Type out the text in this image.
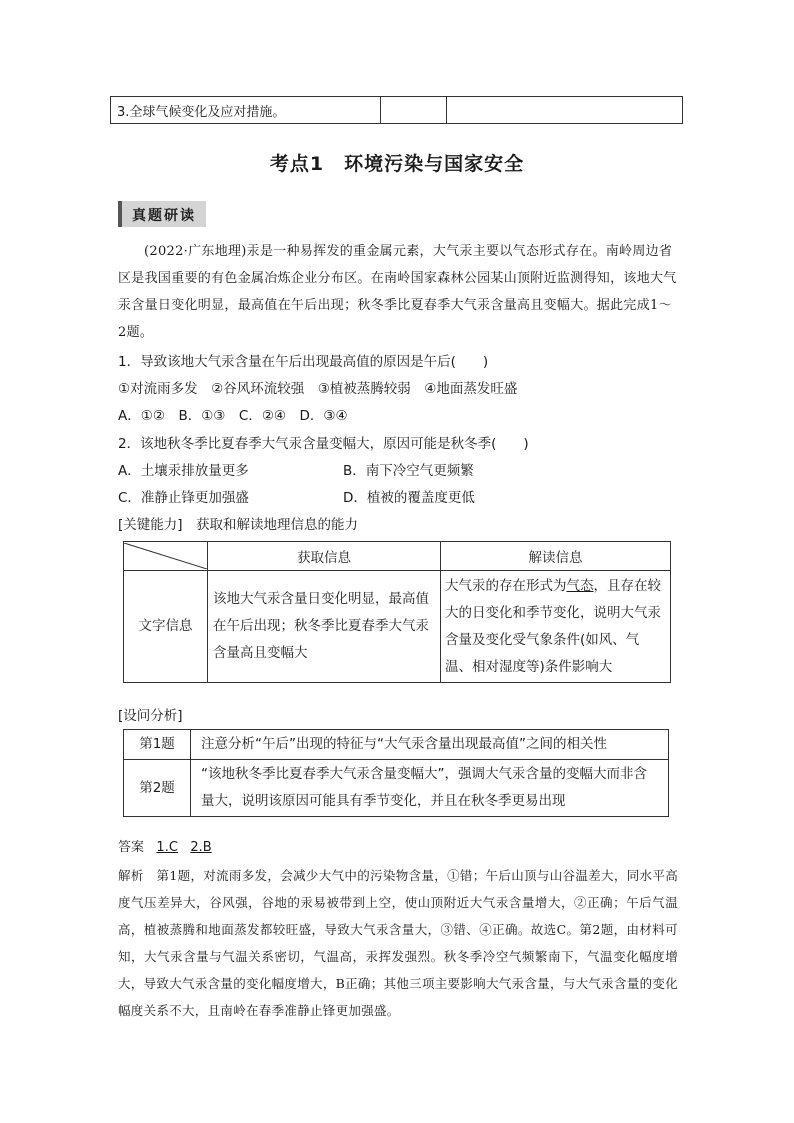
3.全球气候变化及应对措施。		
考点1　环境污染与国家安全
真题研读
(2022·广东地理)汞是一种易挥发的重金属元素，大气汞主要以气态形式存在。南岭周边省区是我国重要的有色金属冶炼企业分布区。在南岭国家森林公园某山顶附近监测得知，该地大气汞含量日变化明显，最高值在午后出现；秋冬季比夏春季大气汞含量高且变幅大。据此完成1～2题。
1．导致该地大气汞含量在午后出现最高值的原因是午后(　　)
①对流雨多发　②谷风环流较强　③植被蒸腾较弱　④地面蒸发旺盛
A．①②　B．①③　C．②④　D．③④
2．该地秋冬季比夏春季大气汞含量变幅大，原因可能是秋冬季(　　)
A．土壤汞排放量更多	B．南下冷空气更频繁
C．准静止锋更加强盛	D．植被的覆盖度更低
[关键能力]　获取和解读地理信息的能力
	获取信息	解读信息
文字信息	该地大气汞含量日变化明显，最高值在午后出现；秋冬季比夏春季大气汞含量高且变幅大	大气汞的存在形式为气态，且存在较大的日变化和季节变化，说明大气汞含量及变化受气象条件(如风、气温、相对湿度等)条件影响大
[设问分析]
第1题	注意分析“午后”出现的特征与“大气汞含量出现最高值”之间的相关性
第2题	“该地秋冬季比夏春季大气汞含量变幅大”，强调大气汞含量的变幅大而非含量大，说明该原因可能具有季节变化，并且在秋冬季更易出现
答案 1.C 2.B
解析　第1题，对流雨多发，会减少大气中的污染物含量，①错；午后山顶与山谷温差大，同水平高度气压差异大，谷风强，谷地的汞易被带到上空，使山顶附近大气汞含量增大，②正确；午后气温高，植被蒸腾和地面蒸发都较旺盛，导致大气汞含量大，③错、④正确。故选C。第2题，由材料可知，大气汞含量与气温关系密切，气温高，汞挥发强烈。秋冬季冷空气频繁南下，气温变化幅度增大，导致大气汞含量的变化幅度增大，B正确；其他三项主要影响大气汞含量，与大气汞含量的变化幅度关系不大，且南岭在春季准静止锋更加强盛。
